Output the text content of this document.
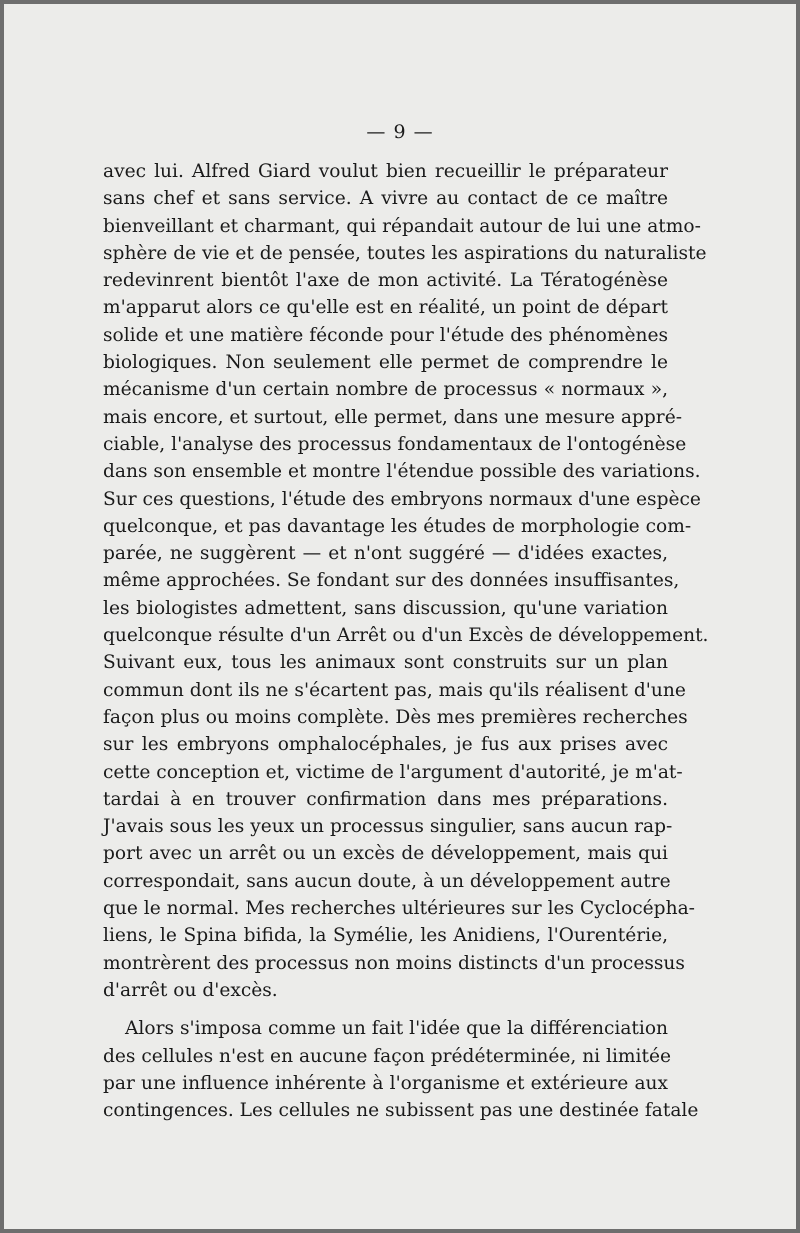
— 9 —
avec lui. Alfred Giard voulut bien recueillir le préparateur
sans chef et sans service. A vivre au contact de ce maître
bienveillant et charmant, qui répandait autour de lui une atmo-
sphère de vie et de pensée, toutes les aspirations du naturaliste
redevinrent bientôt l'axe de mon activité. La Tératogénèse
m'apparut alors ce qu'elle est en réalité, un point de départ
solide et une matière féconde pour l'étude des phénomènes
biologiques. Non seulement elle permet de comprendre le
mécanisme d'un certain nombre de processus « normaux »,
mais encore, et surtout, elle permet, dans une mesure appré-
ciable, l'analyse des processus fondamentaux de l'ontogénèse
dans son ensemble et montre l'étendue possible des variations.
Sur ces questions, l'étude des embryons normaux d'une espèce
quelconque, et pas davantage les études de morphologie com-
parée, ne suggèrent — et n'ont suggéré — d'idées exactes,
même approchées. Se fondant sur des données insuffisantes,
les biologistes admettent, sans discussion, qu'une variation
quelconque résulte d'un Arrêt ou d'un Excès de développement.
Suivant eux, tous les animaux sont construits sur un plan
commun dont ils ne s'écartent pas, mais qu'ils réalisent d'une
façon plus ou moins complète. Dès mes premières recherches
sur les embryons omphalocéphales, je fus aux prises avec
cette conception et, victime de l'argument d'autorité, je m'at-
tardai à en trouver confirmation dans mes préparations.
J'avais sous les yeux un processus singulier, sans aucun rap-
port avec un arrêt ou un excès de développement, mais qui
correspondait, sans aucun doute, à un développement autre
que le normal. Mes recherches ultérieures sur les Cyclocépha-
liens, le Spina bifida, la Symélie, les Anidiens, l'Ourentérie,
montrèrent des processus non moins distincts d'un processus
d'arrêt ou d'excès.
Alors s'imposa comme un fait l'idée que la différenciation
des cellules n'est en aucune façon prédéterminée, ni limitée
par une influence inhérente à l'organisme et extérieure aux
contingences. Les cellules ne subissent pas une destinée fatale
